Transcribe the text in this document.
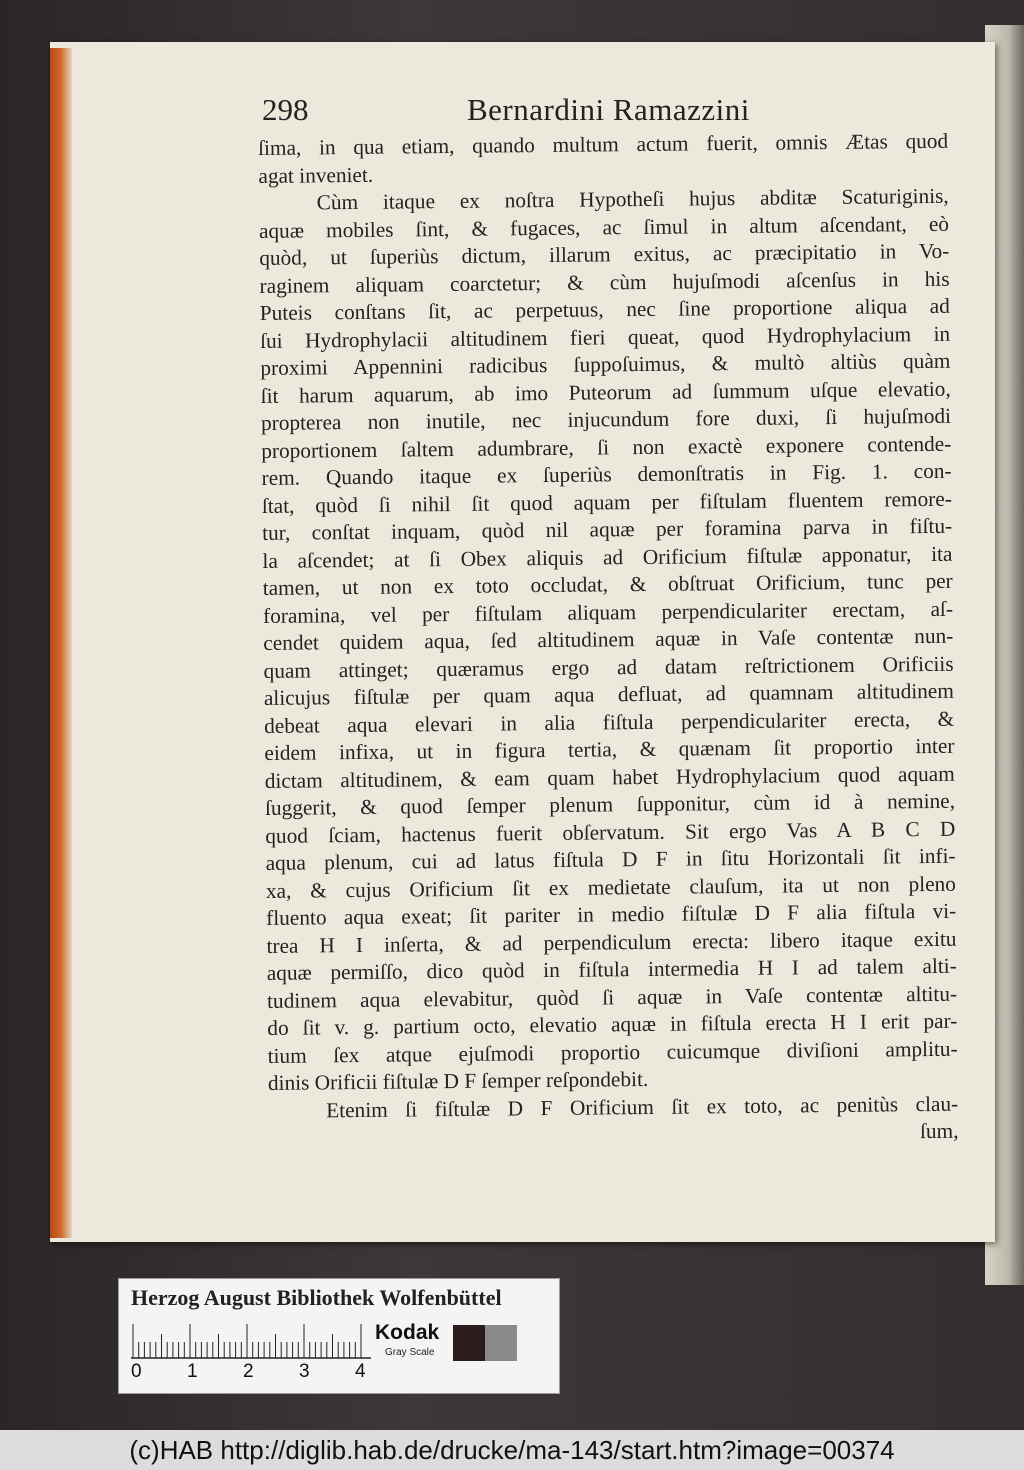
298	Bernardini Ramazzini
ſima, in qua etiam, quando multum actum fuerit, omnis Ætas quod
agat inveniet.
Cùm itaque ex noſtra Hypotheſi hujus abditæ Scaturiginis,
aquæ mobiles ſint, & fugaces, ac ſimul in altum aſcendant, eò
quòd, ut ſuperiùs dictum, illarum exitus, ac præcipitatio in Vo-
raginem aliquam coarctetur; & cùm hujuſmodi aſcenſus in his
Puteis conſtans ſit, ac perpetuus, nec ſine proportione aliqua ad
ſui Hydrophylacii altitudinem fieri queat, quod Hydrophylacium in
proximi Appennini radicibus ſuppoſuimus, & multò altiùs quàm
ſit harum aquarum, ab imo Puteorum ad ſummum uſque elevatio,
propterea non inutile, nec injucundum fore duxi, ſi hujuſmodi
proportionem ſaltem adumbrare, ſi non exactè exponere contende-
rem. Quando itaque ex ſuperiùs demonſtratis in Fig. 1. con-
ſtat, quòd ſi nihil ſit quod aquam per fiſtulam fluentem remore-
tur, conſtat inquam, quòd nil aquæ per foramina parva in fiſtu-
la aſcendet; at ſi Obex aliquis ad Orificium fiſtulæ apponatur, ita
tamen, ut non ex toto occludat, & obſtruat Orificium, tunc per
foramina, vel per fiſtulam aliquam perpendiculariter erectam, aſ-
cendet quidem aqua, ſed altitudinem aquæ in Vaſe contentæ nun-
quam attinget; quæramus ergo ad datam reſtrictionem Orificiis
alicujus fiſtulæ per quam aqua defluat, ad quamnam altitudinem
debeat aqua elevari in alia fiſtula perpendiculariter erecta, &
eidem infixa, ut in figura tertia, & quænam ſit proportio inter
dictam altitudinem, & eam quam habet Hydrophylacium quod aquam
ſuggerit, & quod ſemper plenum ſupponitur, cùm id à nemine,
quod ſciam, hactenus fuerit obſervatum. Sit ergo Vas A B C D
aqua plenum, cui ad latus fiſtula D F in ſitu Horizontali ſit infi-
xa, & cujus Orificium ſit ex medietate clauſum, ita ut non pleno
fluento aqua exeat; ſit pariter in medio fiſtulæ D F alia fiſtula vi-
trea H I inſerta, & ad perpendiculum erecta: libero itaque exitu
aquæ permiſſo, dico quòd in fiſtula intermedia H I ad talem alti-
tudinem aqua elevabitur, quòd ſi aquæ in Vaſe contentæ altitu-
do ſit v. g. partium octo, elevatio aquæ in fiſtula erecta H I erit par-
tium ſex atque ejuſmodi proportio cuicumque diviſioni amplitu-
dinis Orificii fiſtulæ D F ſemper reſpondebit.
Etenim ſi fiſtulæ D F Orificium ſit ex toto, ac penitùs clau-
ſum,
Herzog August Bibliothek Wolfenbüttel
0 1 2 3 4
Kodak
Gray Scale
(c)HAB http://diglib.hab.de/drucke/ma-143/start.htm?image=00374
